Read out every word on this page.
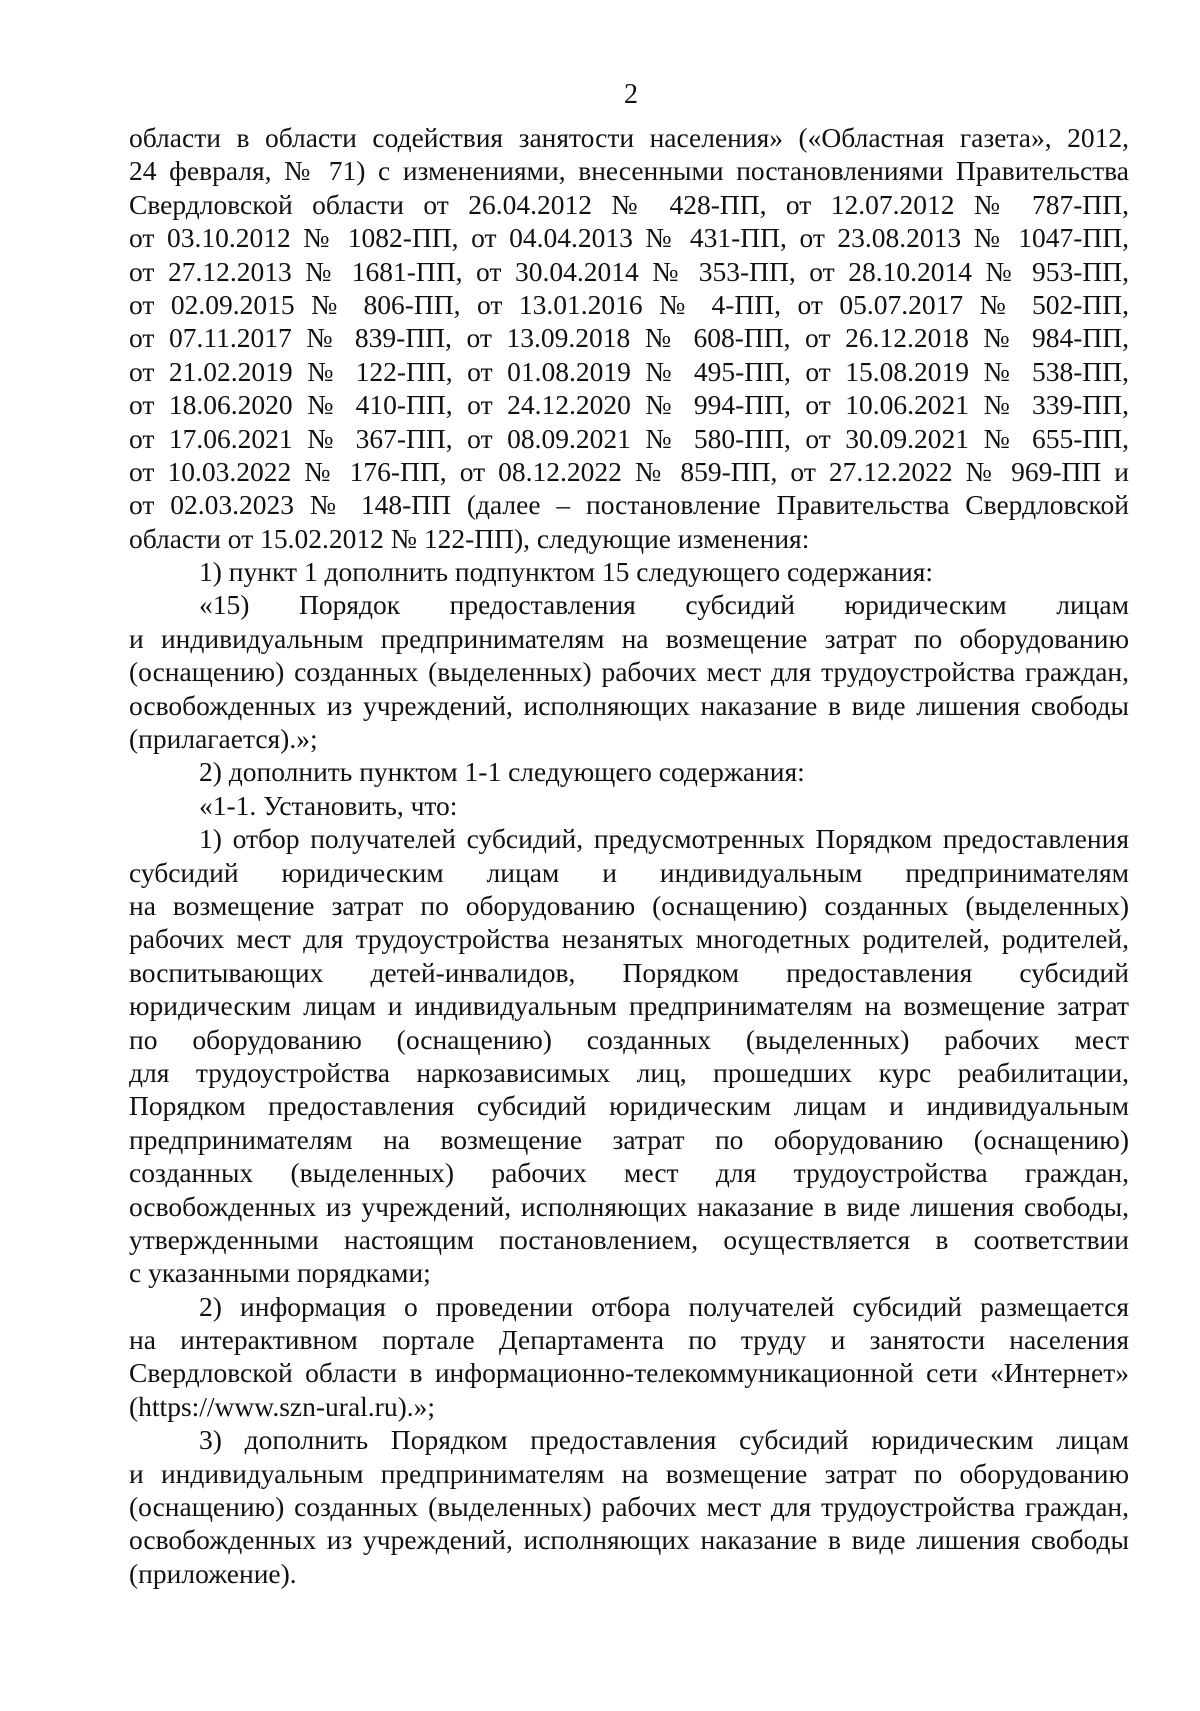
2
области в области содействия занятости населения» («Областная газета», 2012,
24 февраля, № 71) с изменениями, внесенными постановлениями Правительства
Свердловской области от 26.04.2012 № 428-ПП, от 12.07.2012 № 787-ПП,
от 03.10.2012 № 1082-ПП, от 04.04.2013 № 431-ПП, от 23.08.2013 № 1047-ПП,
от 27.12.2013 № 1681-ПП, от 30.04.2014 № 353-ПП, от 28.10.2014 № 953-ПП,
от 02.09.2015 № 806-ПП, от 13.01.2016 № 4-ПП, от 05.07.2017 № 502-ПП,
от 07.11.2017 № 839-ПП, от 13.09.2018 № 608-ПП, от 26.12.2018 № 984-ПП,
от 21.02.2019 № 122-ПП, от 01.08.2019 № 495-ПП, от 15.08.2019 № 538-ПП,
от 18.06.2020 № 410-ПП, от 24.12.2020 № 994-ПП, от 10.06.2021 № 339-ПП,
от 17.06.2021 № 367-ПП, от 08.09.2021 № 580-ПП, от 30.09.2021 № 655-ПП,
от 10.03.2022 № 176-ПП, от 08.12.2022 № 859-ПП, от 27.12.2022 № 969-ПП и
от 02.03.2023 № 148-ПП (далее – постановление Правительства Свердловской
области от 15.02.2012 № 122-ПП), следующие изменения:
1) пункт 1 дополнить подпунктом 15 следующего содержания:
«15) Порядок предоставления субсидий юридическим лицам
и индивидуальным предпринимателям на возмещение затрат по оборудованию
(оснащению) созданных (выделенных) рабочих мест для трудоустройства граждан,
освобожденных из учреждений, исполняющих наказание в виде лишения свободы
(прилагается).»;
2) дополнить пунктом 1-1 следующего содержания:
«1-1. Установить, что:
1) отбор получателей субсидий, предусмотренных Порядком предоставления
субсидий юридическим лицам и индивидуальным предпринимателям
на возмещение затрат по оборудованию (оснащению) созданных (выделенных)
рабочих мест для трудоустройства незанятых многодетных родителей, родителей,
воспитывающих детей-инвалидов, Порядком предоставления субсидий
юридическим лицам и индивидуальным предпринимателям на возмещение затрат
по оборудованию (оснащению) созданных (выделенных) рабочих мест
для трудоустройства наркозависимых лиц, прошедших курс реабилитации,
Порядком предоставления субсидий юридическим лицам и индивидуальным
предпринимателям на возмещение затрат по оборудованию (оснащению)
созданных (выделенных) рабочих мест для трудоустройства граждан,
освобожденных из учреждений, исполняющих наказание в виде лишения свободы,
утвержденными настоящим постановлением, осуществляется в соответствии
с указанными порядками;
2) информация о проведении отбора получателей субсидий размещается
на интерактивном портале Департамента по труду и занятости населения
Свердловской области в информационно-телекоммуникационной сети «Интернет»
(https://www.szn-ural.ru).»;
3) дополнить Порядком предоставления субсидий юридическим лицам
и индивидуальным предпринимателям на возмещение затрат по оборудованию
(оснащению) созданных (выделенных) рабочих мест для трудоустройства граждан,
освобожденных из учреждений, исполняющих наказание в виде лишения свободы
(приложение).
